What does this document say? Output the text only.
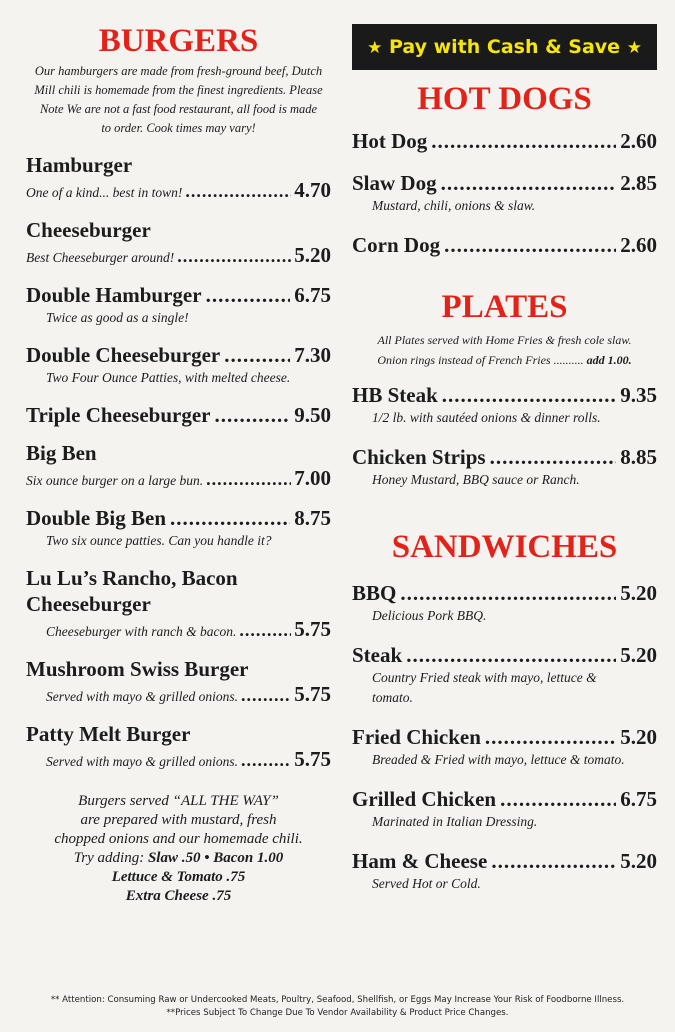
BURGERS

Our hamburgers are made from fresh-ground beef, Dutch Mill chili is homemade from the finest ingredients. Please Note We are not a fast food restaurant, all food is made to order. Cook times may vary!

Hamburger
One of a kind... best in town! .....	4.70
Cheeseburger
Best Cheeseburger around! .....	5.20
Double Hamburger .....	6.75
Twice as good as a single!
Double Cheeseburger .....	7.30
Two Four Ounce Patties, with melted cheese.
Triple Cheeseburger .....	9.50
Big Ben
Six ounce burger on a large bun. .....	7.00
Double Big Ben .....	8.75
Two six ounce patties. Can you handle it?
Lu Lu’s Rancho, Bacon
Cheeseburger
Cheeseburger with ranch & bacon. .....	5.75
Mushroom Swiss Burger
Served with mayo & grilled onions. .....	5.75
Patty Melt Burger
Served with mayo & grilled onions. .....	5.75
Burgers served “ALL THE WAY”
are prepared with mustard, fresh
chopped onions and our homemade chili.
Try adding: Slaw .50 • Bacon 1.00
Lettuce & Tomato .75
Extra Cheese .75
★ Pay with Cash & Save ★
HOT DOGS
Hot Dog .....	2.60
Slaw Dog .....	2.85
Mustard, chili, onions & slaw.
Corn Dog .....	2.60
PLATES
All Plates served with Home Fries & fresh cole slaw.
Onion rings instead of French Fries .......... add 1.00.
HB Steak .....	9.35
1/2 lb. with sautéed onions & dinner rolls.
Chicken Strips .....	8.85
Honey Mustard, BBQ sauce or Ranch.
SANDWICHES
BBQ .....	5.20
Delicious Pork BBQ.
Steak .....	5.20
Country Fried steak with mayo, lettuce & tomato.
Fried Chicken .....	5.20
Breaded & Fried with mayo, lettuce & tomato.
Grilled Chicken .....	6.75
Marinated in Italian Dressing.
Ham & Cheese .....	5.20
Served Hot or Cold.
** Attention: Consuming Raw or Undercooked Meats, Poultry, Seafood, Shellfish, or Eggs May Increase Your Risk of Foodborne Illness.
**Prices Subject To Change Due To Vendor Availability & Product Price Changes.
